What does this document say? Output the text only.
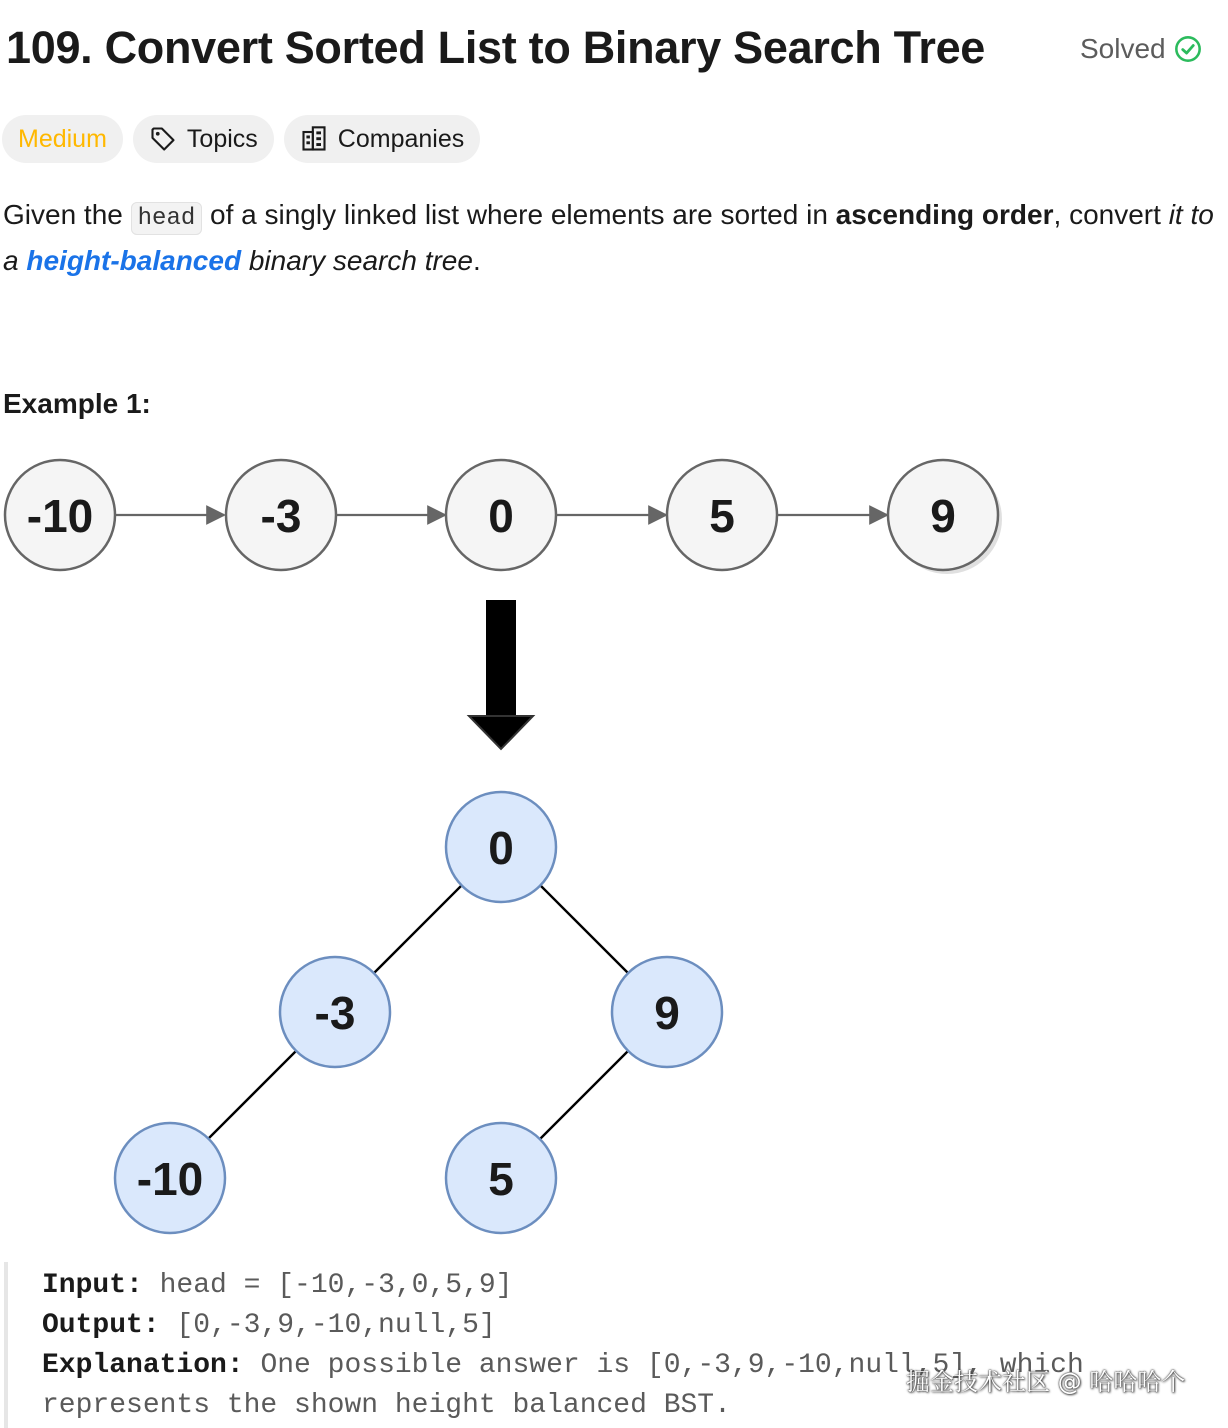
109. Convert Sorted List to Binary Search Tree	Solved
Medium	Topics	Companies
Given the head of a singly linked list where elements are sorted in ascending order, convert it to a height-balanced binary search tree.
Example 1:
-10	-3	0	5	9
0
-3	9
-10	5
Input: head = [-10,-3,0,5,9]
Output: [0,-3,9,-10,null,5]
Explanation: One possible answer is [0,-3,9,-10,null,5], which
represents the shown height balanced BST.
掘金技术社区 @ 哈哈哈个
